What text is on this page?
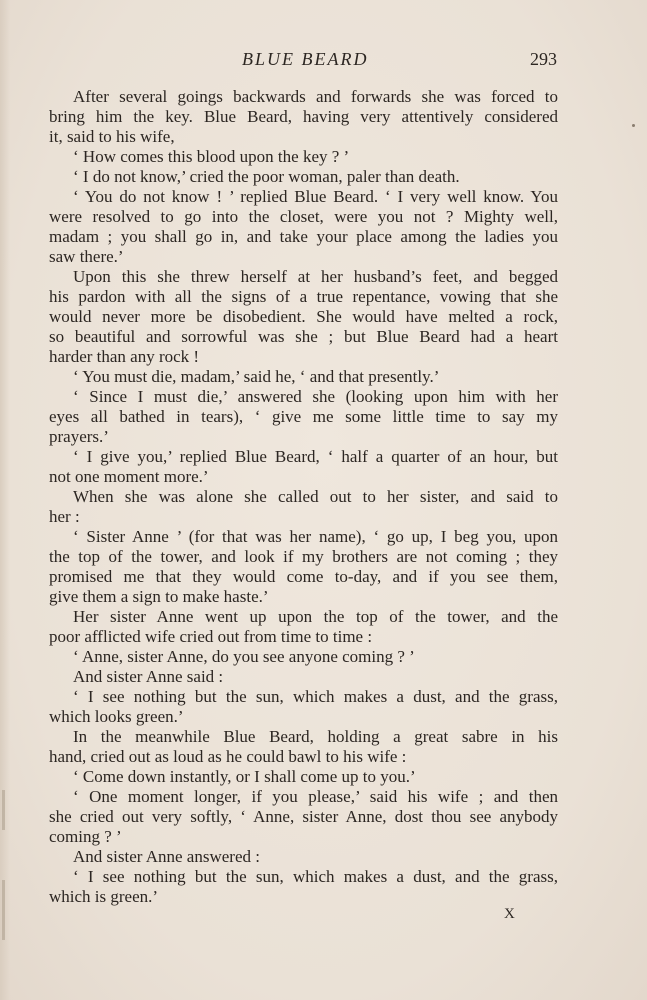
BLUE BEARD	293
After several goings backwards and forwards she was forced to
bring him the key. Blue Beard, having very attentively considered
it, said to his wife,
‘ How comes this blood upon the key ? ’
‘ I do not know,’ cried the poor woman, paler than death.
‘ You do not know ! ’ replied Blue Beard. ‘ I very well know. You
were resolved to go into the closet, were you not ? Mighty well,
madam ; you shall go in, and take your place among the ladies you
saw there.’
Upon this she threw herself at her husband’s feet, and begged
his pardon with all the signs of a true repentance, vowing that she
would never more be disobedient. She would have melted a rock,
so beautiful and sorrowful was she ; but Blue Beard had a heart
harder than any rock !
‘ You must die, madam,’ said he, ‘ and that presently.’
‘ Since I must die,’ answered she (looking upon him with her
eyes all bathed in tears), ‘ give me some little time to say my
prayers.’
‘ I give you,’ replied Blue Beard, ‘ half a quarter of an hour, but
not one moment more.’
When she was alone she called out to her sister, and said to
her :
‘ Sister Anne ’ (for that was her name), ‘ go up, I beg you, upon
the top of the tower, and look if my brothers are not coming ; they
promised me that they would come to-day, and if you see them,
give them a sign to make haste.’
Her sister Anne went up upon the top of the tower, and the
poor afflicted wife cried out from time to time :
‘ Anne, sister Anne, do you see anyone coming ? ’
And sister Anne said :
‘ I see nothing but the sun, which makes a dust, and the grass,
which looks green.’
In the meanwhile Blue Beard, holding a great sabre in his
hand, cried out as loud as he could bawl to his wife :
‘ Come down instantly, or I shall come up to you.’
‘ One moment longer, if you please,’ said his wife ; and then
she cried out very softly, ‘ Anne, sister Anne, dost thou see anybody
coming ? ’
And sister Anne answered :
‘ I see nothing but the sun, which makes a dust, and the grass,
which is green.’
X
